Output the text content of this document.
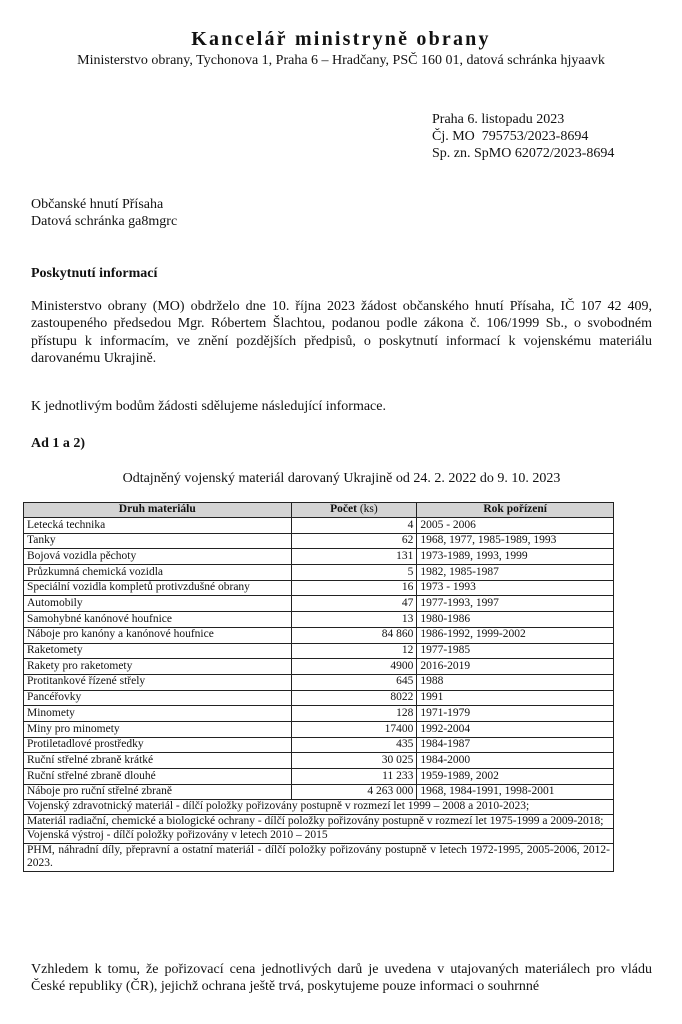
Kancelář ministryně obrany
Ministerstvo obrany, Tychonova 1, Praha 6 – Hradčany, PSČ 160 01, datová schránka hjyaavk
Praha 6. listopadu 2023
Čj. MO  795753/2023-8694
Sp. zn. SpMO 62072/2023-8694
Občanské hnutí Přísaha
Datová schránka ga8mgrc
Poskytnutí informací
Ministerstvo obrany (MO) obdrželo dne 10. října 2023 žádost občanského hnutí Přísaha, IČ 107 42 409, zastoupeného předsedou Mgr. Róbertem Šlachtou, podanou podle zákona č. 106/1999 Sb., o svobodném přístupu k informacím, ve znění pozdějších předpisů, o poskytnutí informací k vojenskému materiálu darovanému Ukrajině.
K jednotlivým bodům žádosti sdělujeme následující informace.
Ad 1 a 2)
Odtajněný vojenský materiál darovaný Ukrajině od 24. 2. 2022 do 9. 10. 2023
Druh materiálu	Počet (ks)	Rok pořízení
Letecká technika	4	2005 - 2006
Tanky	62	1968, 1977, 1985-1989, 1993
Bojová vozidla pěchoty	131	1973-1989, 1993, 1999
Průzkumná chemická vozidla	5	1982, 1985-1987
Speciální vozidla kompletů protivzdušné obrany	16	1973 - 1993
Automobily	47	1977-1993, 1997
Samohybné kanónové houfnice	13	1980-1986
Náboje pro kanóny a kanónové houfnice	84 860	1986-1992, 1999-2002
Raketomety	12	1977-1985
Rakety pro raketomety	4900	2016-2019
Protitankové řízené střely	645	1988
Pancéřovky	8022	1991
Minomety	128	1971-1979
Miny pro minomety	17400	1992-2004
Protiletadlové prostředky	435	1984-1987
Ruční střelné zbraně krátké	30 025	1984-2000
Ruční střelné zbraně dlouhé	11 233	1959-1989, 2002
Náboje pro ruční střelné zbraně	4 263 000	1968, 1984-1991, 1998-2001
Vojenský zdravotnický materiál - dílčí položky pořizovány postupně v rozmezí let 1999 – 2008 a 2010-2023;		
Materiál radiační, chemické a biologické ochrany - dílčí položky pořizovány postupně v rozmezí let 1975-1999 a 2009-2018;		
Vojenská výstroj - dílčí položky pořizovány v letech 2010 – 2015		
PHM, náhradní díly, přepravní a ostatní materiál - dílčí položky pořizovány postupně v letech 1972-1995, 2005-2006, 2012-2023.		
Vzhledem k tomu, že pořizovací cena jednotlivých darů je uvedena v utajovaných materiálech pro vládu České republiky (ČR), jejichž ochrana ještě trvá, poskytujeme pouze informaci o souhrnné
